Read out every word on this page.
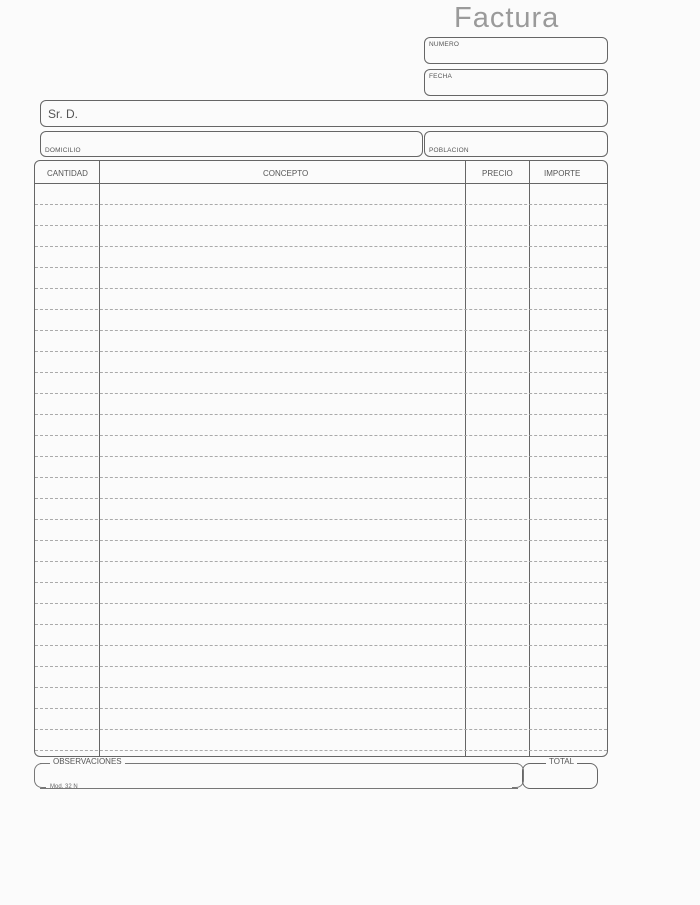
Factura
NUMERO
FECHA
Sr. D.
DOMICILIO	POBLACION
CANTIDAD	CONCEPTO	PRECIO	IMPORTE
OBSERVACIONES
Mod. 32 N
TOTAL
